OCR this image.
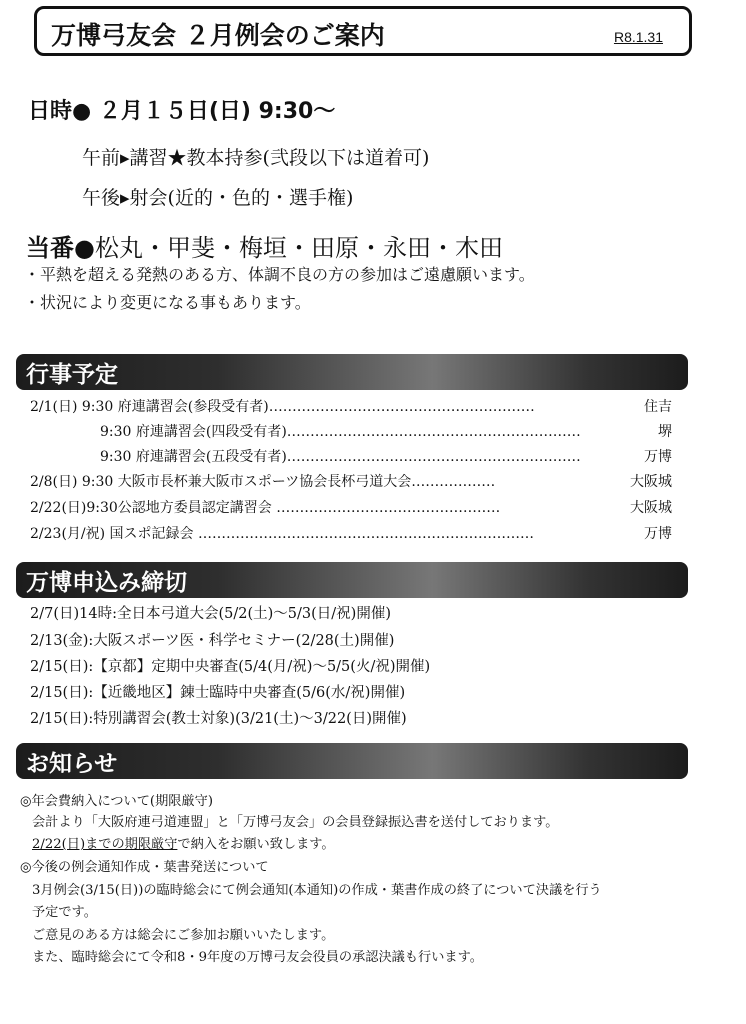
万博弓友会 ２月例会のご案内	R8.1.31
日時● ２月１５日(日) 9:30～
午前▸講習★教本持参(弐段以下は道着可)
午後▸射会(近的・色的・選手権)
当番●松丸・甲斐・梅垣・田原・永田・木田
・平熱を超える発熱のある方、体調不良の方の参加はご遠慮願います。
・状況により変更になる事もあります。
行事予定
2/1(日) 9:30 府連講習会(参段受有者)…………………………………………………	住吉
9:30 府連講習会(四段受有者)………………………………………………………	堺
9:30 府連講習会(五段受有者)………………………………………………………	万博
2/8(日) 9:30 大阪市長杯兼大阪市スポーツ協会長杯弓道大会………………	大阪城
2/22(日)9:30公認地方委員認定講習会 …………………………………………	大阪城
2/23(月/祝) 国スポ記録会 ………………………………………………………………	万博
万博申込み締切
2/7(日)14時:全日本弓道大会(5/2(土)～5/3(日/祝)開催)
2/13(金):大阪スポーツ医・科学セミナー(2/28(土)開催)
2/15(日):【京都】定期中央審査(5/4(月/祝)～5/5(火/祝)開催)
2/15(日):【近畿地区】錬士臨時中央審査(5/6(水/祝)開催)
2/15(日):特別講習会(教士対象)(3/21(土)～3/22(日)開催)
お知らせ
◎年会費納入について(期限厳守)
会計より「大阪府連弓道連盟」と「万博弓友会」の会員登録振込書を送付しております。
2/22(日)までの期限厳守で納入をお願い致します。
◎今後の例会通知作成・葉書発送について
3月例会(3/15(日))の臨時総会にて例会通知(本通知)の作成・葉書作成の終了について決議を行う
予定です。
ご意見のある方は総会にご参加お願いいたします。
また、臨時総会にて令和8・9年度の万博弓友会役員の承認決議も行います。
